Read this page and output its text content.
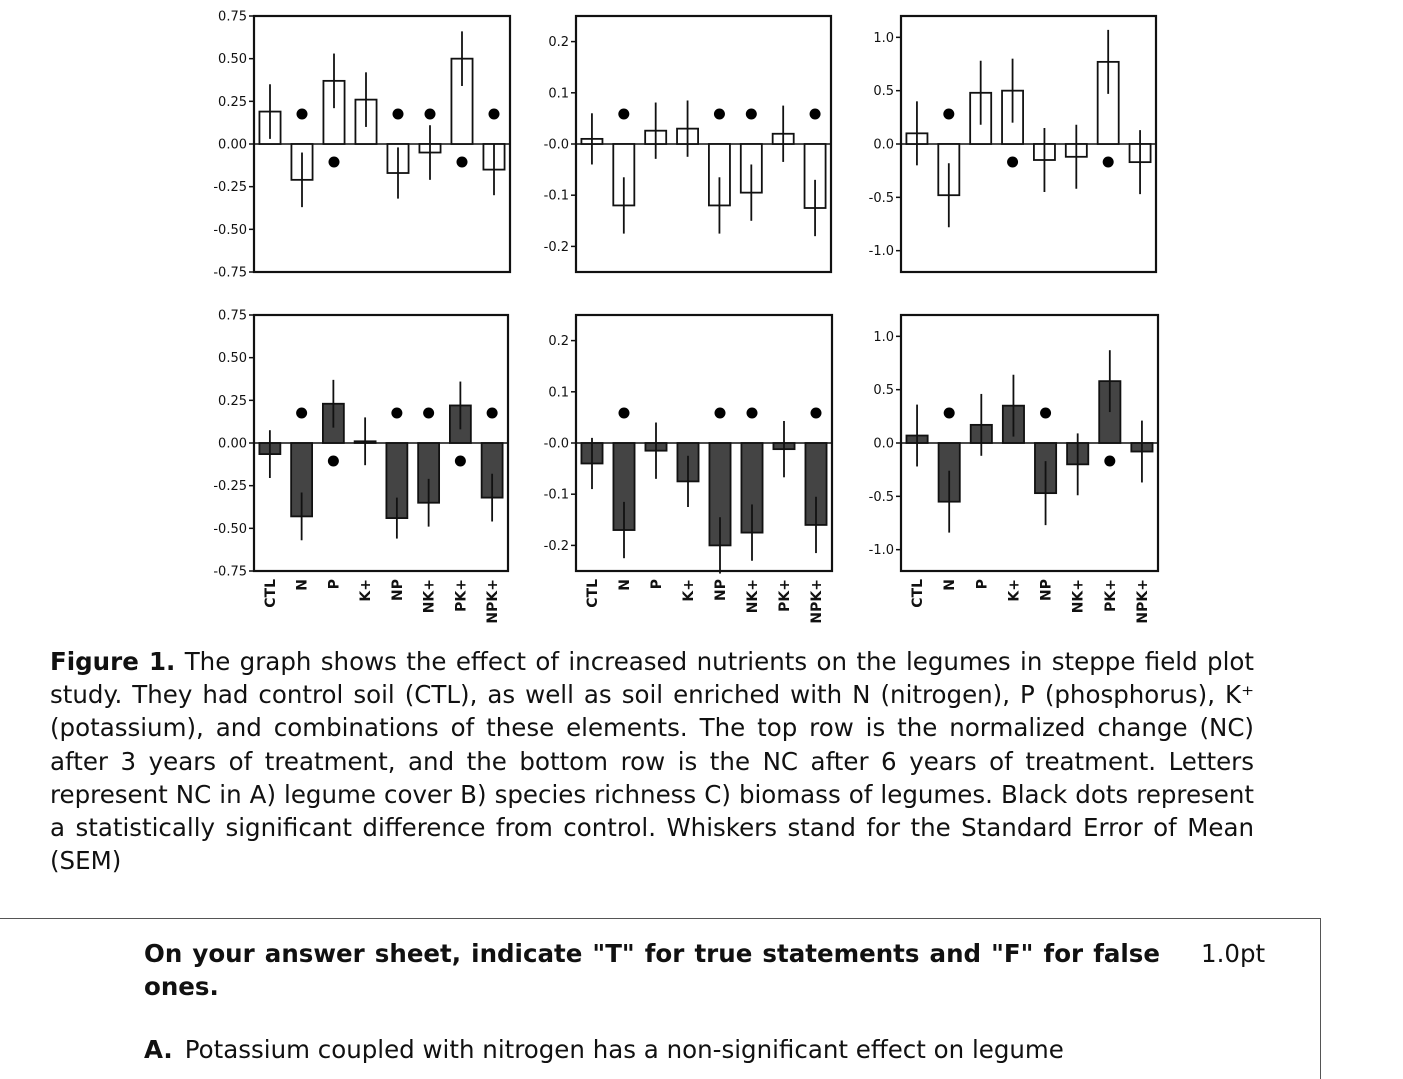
0.75
0.50
0.25
0.00
-0.25
-0.50
-0.75
0.2
0.1
-0.0
-0.1
-0.2
1.0
0.5
0.0
-0.5
-1.0
0.75
0.50
0.25
0.00
-0.25
-0.50
-0.75
CTL N P K+ NP NK+ PK+ NPK+
0.2
0.1
-0.0
-0.1
-0.2
CTL N P K+ NP NK+ PK+ NPK+
1.0
0.5
0.0
-0.5
-1.0
CTL N P K+ NP NK+ PK+ NPK+
Figure 1. The graph shows the effect of increased nutrients on the legumes in steppe field plot study. They had control soil (CTL), as well as soil enriched with N (nitrogen), P (phosphorus), K⁺ (potassium), and combinations of these elements. The top row is the normalized change (NC) after 3 years of treatment, and the bottom row is the NC after 6 years of treatment. Letters represent NC in A) legume cover B) species richness C) biomass of legumes. Black dots represent a statistically significant difference from control. Whiskers stand for the Standard Error of Mean (SEM)
On your answer sheet, indicate "T" for true statements and "F" for false ones.
1.0pt
A. Potassium coupled with nitrogen has a non-significant effect on legume
